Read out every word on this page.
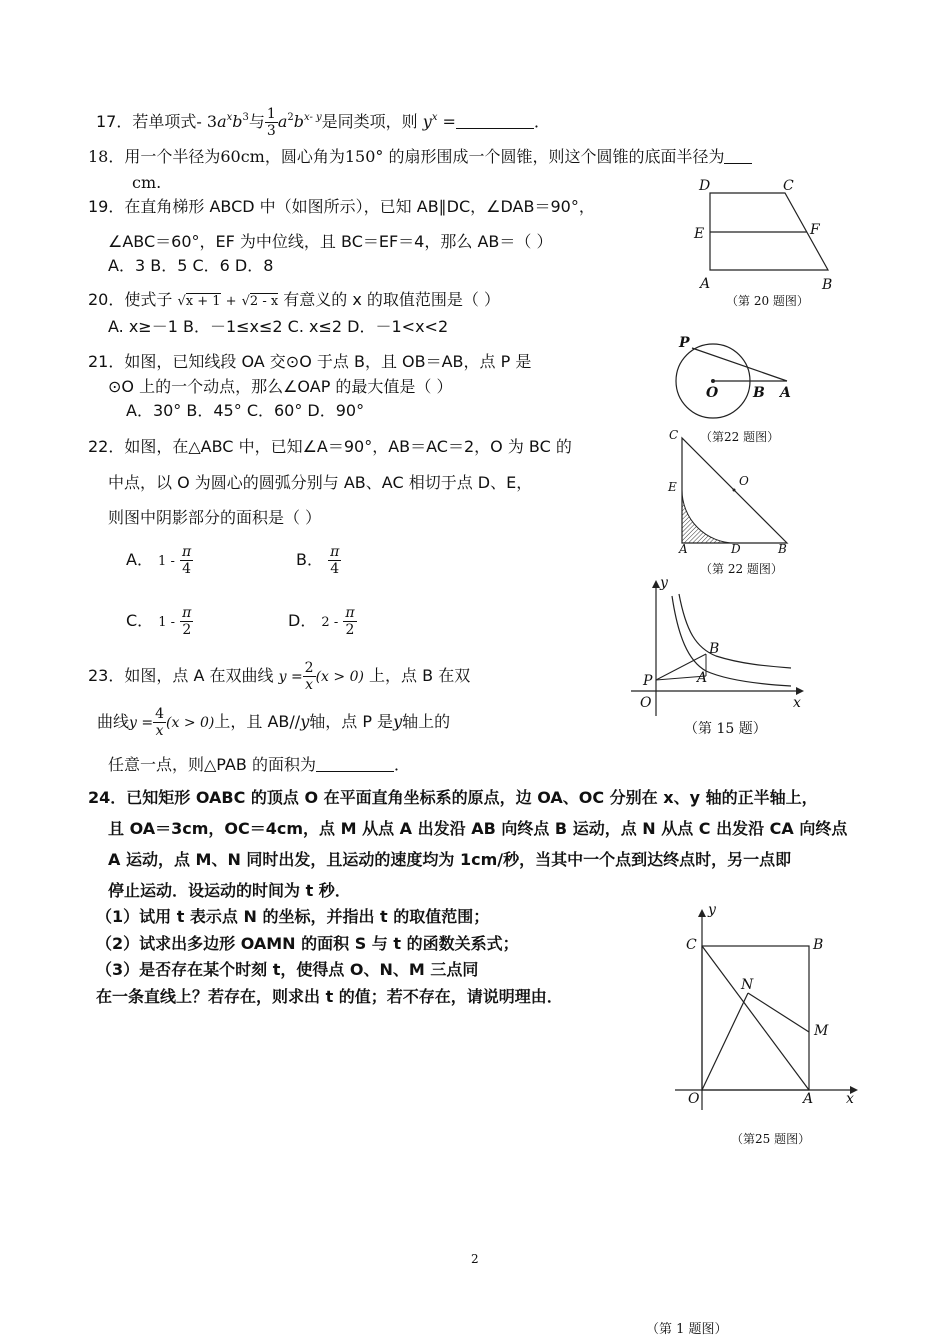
17．若单项式- $3a^xb^3$与 $\frac{1}{3} a^2b^{x- y}$是同类项，则 $y^x$ =	．
18．用一个半径为60cm，圆心角为150° 的扇形围成一个圆锥，则这个圆锥的底面半径为
cm.
19．在直角梯形 ABCD 中（如图所示），已知 AB∥DC，∠DAB＝90°，
∠ABC＝60°，EF 为中位线，且 BC＝EF＝4，那么 AB＝（ ）
A．3 B．5 C．6 D．8
D	C
E	F
A	B
（第 20 题图）
20．使式子 √x + 1 + √2 - x 有意义的 x 的取值范围是（ ）
A. x≥－1 B．－1≤x≤2 C. x≤2 D．－1<x<2
P
O B A
21．如图，已知线段 OA 交⊙O 于点 B，且 OB＝AB，点 P 是
⊙O 上的一个动点，那么∠OAP 的最大值是（ ）
A．30° B．45° C．60° D．90°
（第22 题图）
22．如图，在△ABC 中，已知∠A＝90°，AB＝AC＝2，O 为 BC 的
中点，以 O 为圆心的圆弧分别与 AB、AC 相切于点 D、E，
则图中阴影部分的面积是（ ）
A． $1 - \frac{\pi}{4}$	B． $\frac{\pi}{4}$
C． $1 - \frac{\pi}{2}$	D． $2 - \frac{\pi}{2}$
C
E	O
A	D	B
（第 22 题图）
y
B
P	A
O	x
（第 15 题）
23．如图，点 A 在双曲线 $y = \frac{2}{x} (x > 0)$ 上，点 B 在双
曲线$y = \frac{4}{x} (x > 0)$上，且 AB//y轴，点 P 是y轴上的
任意一点，则△PAB 的面积为	．
24．已知矩形 OABC 的顶点 O 在平面直角坐标系的原点，边 OA、OC 分别在 x、y 轴的正半轴上，
且 OA＝3cm，OC＝4cm，点 M 从点 A 出发沿 AB 向终点 B 运动，点 N 从点 C 出发沿 CA 向终点
A 运动，点 M、N 同时出发，且运动的速度均为 1cm/秒，当其中一个点到达终点时，另一点即
停止运动．设运动的时间为 t 秒．
（1）试用 t 表示点 N 的坐标，并指出 t 的取值范围；
（2）试求出多边形 OAMN 的面积 S 与 t 的函数关系式；
（3）是否存在某个时刻 t，使得点 O、N、M 三点同
在一条直线上？若存在，则求出 t 的值；若不存在，请说明理由．
y
C	B
N
M
O	A x
（第25 题图）
2
（第 1 题图）
